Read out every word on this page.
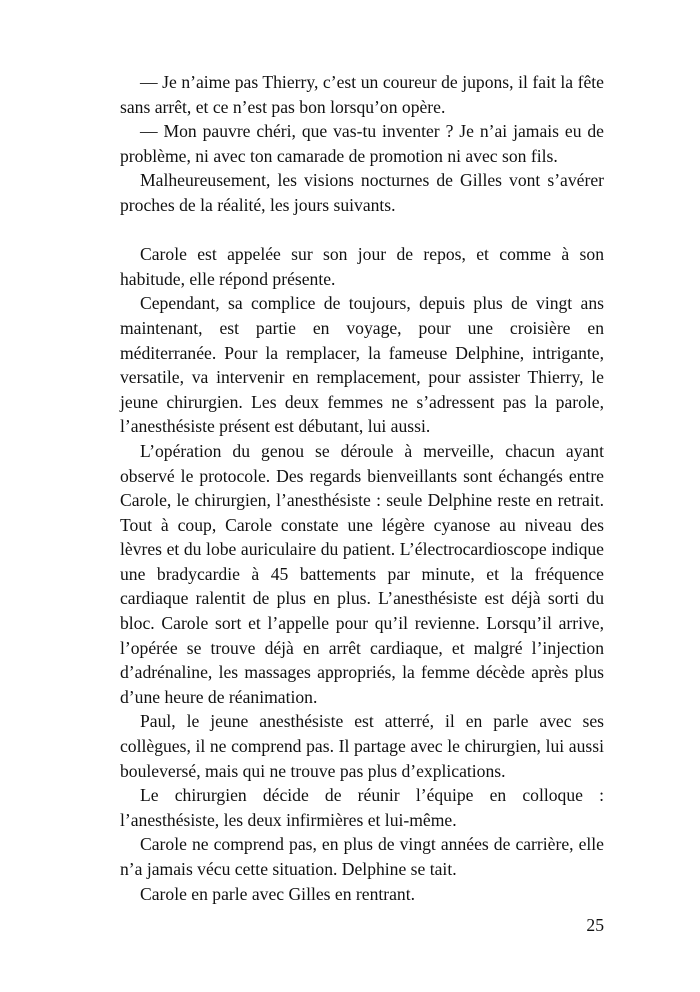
— Je n’aime pas Thierry, c’est un coureur de jupons, il fait la fête sans arrêt, et ce n’est pas bon lorsqu’on opère.

— Mon pauvre chéri, que vas-tu inventer ? Je n’ai jamais eu de problème, ni avec ton camarade de promotion ni avec son fils.

Malheureusement, les visions nocturnes de Gilles vont s’avérer proches de la réalité, les jours suivants.

Carole est appelée sur son jour de repos, et comme à son habitude, elle répond présente.

Cependant, sa complice de toujours, depuis plus de vingt ans maintenant, est partie en voyage, pour une croisière en méditerranée. Pour la remplacer, la fameuse Delphine, intrigante, versatile, va intervenir en remplacement, pour assister Thierry, le jeune chirurgien. Les deux femmes ne s’adressent pas la parole, l’anesthésiste présent est débutant, lui aussi.

L’opération du genou se déroule à merveille, chacun ayant observé le protocole. Des regards bienveillants sont échangés entre Carole, le chirurgien, l’anesthésiste : seule Delphine reste en retrait. Tout à coup, Carole constate une légère cyanose au niveau des lèvres et du lobe auriculaire du patient. L’électrocardioscope indique une bradycardie à 45 battements par minute, et la fréquence cardiaque ralentit de plus en plus. L’anesthésiste est déjà sorti du bloc. Carole sort et l’appelle pour qu’il revienne. Lorsqu’il arrive, l’opérée se trouve déjà en arrêt cardiaque, et malgré l’injection d’adrénaline, les massages appropriés, la femme décède après plus d’une heure de réanimation.

Paul, le jeune anesthésiste est atterré, il en parle avec ses collègues, il ne comprend pas. Il partage avec le chirurgien, lui aussi bouleversé, mais qui ne trouve pas plus d’explications.

Le chirurgien décide de réunir l’équipe en colloque : l’anesthésiste, les deux infirmières et lui-même.

Carole ne comprend pas, en plus de vingt années de carrière, elle n’a jamais vécu cette situation. Delphine se tait.

Carole en parle avec Gilles en rentrant.

25
